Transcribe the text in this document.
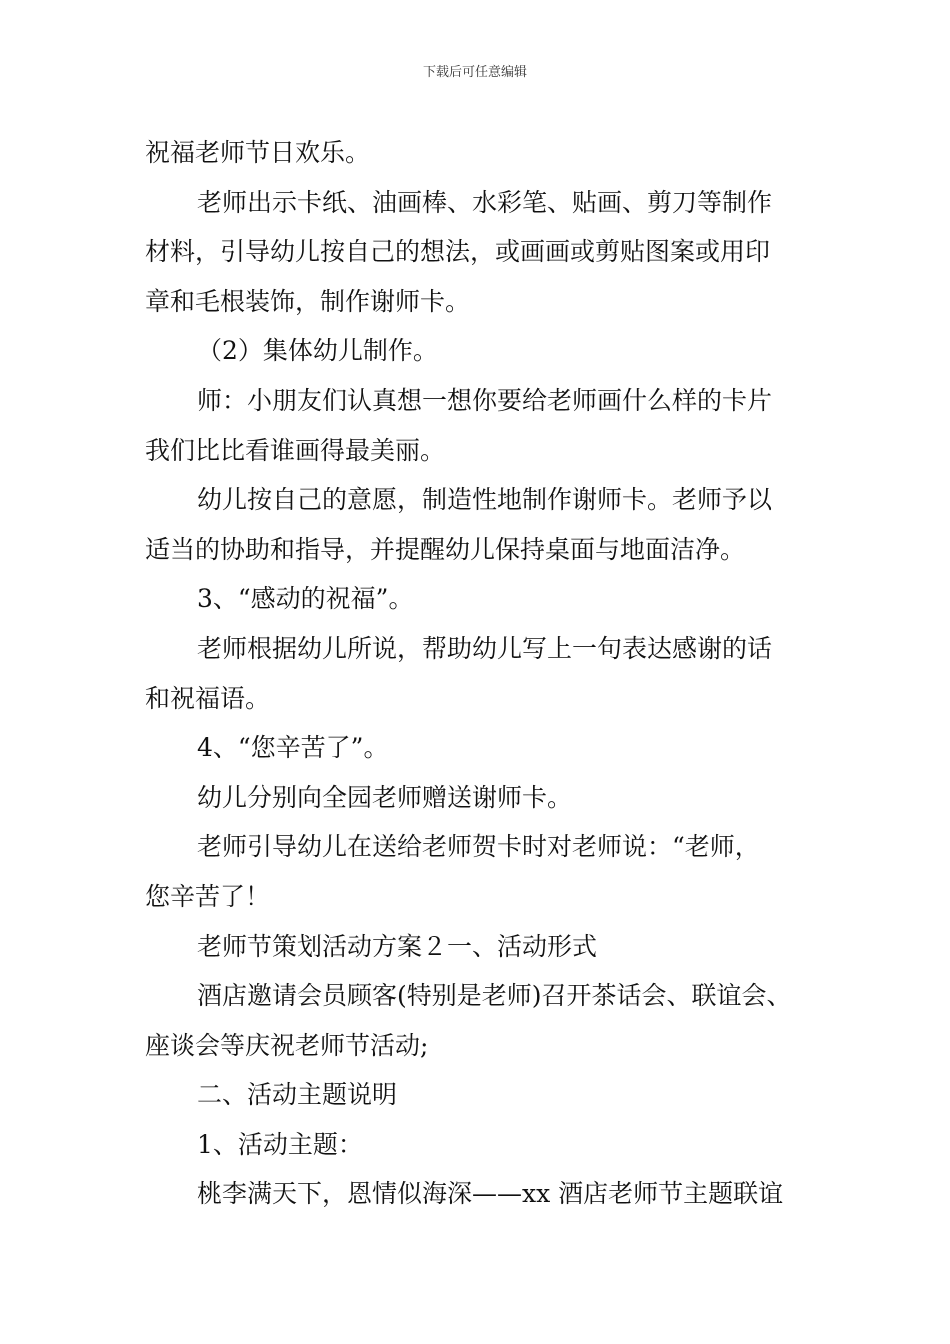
下载后可任意编辑

祝福老师节日欢乐。

老师出示卡纸、油画棒、水彩笔、贴画、剪刀等制作

材料，引导幼儿按自己的想法，或画画或剪贴图案或用印

章和毛根装饰，制作谢师卡。

（2）集体幼儿制作。

师：小朋友们认真想一想你要给老师画什么样的卡片

我们比比看谁画得最美丽。

幼儿按自己的意愿，制造性地制作谢师卡。老师予以

适当的协助和指导，并提醒幼儿保持桌面与地面洁净。

3、“感动的祝福”。

老师根据幼儿所说，帮助幼儿写上一句表达感谢的话

和祝福语。

4、“您辛苦了”。

幼儿分别向全园老师赠送谢师卡。

老师引导幼儿在送给老师贺卡时对老师说：“老师，

您辛苦了！

老师节策划活动方案２一、活动形式

酒店邀请会员顾客(特别是老师)召开茶话会、联谊会、

座谈会等庆祝老师节活动;

二、活动主题说明

1、活动主题：

桃李满天下，恩情似海深——xx 酒店老师节主题联谊
